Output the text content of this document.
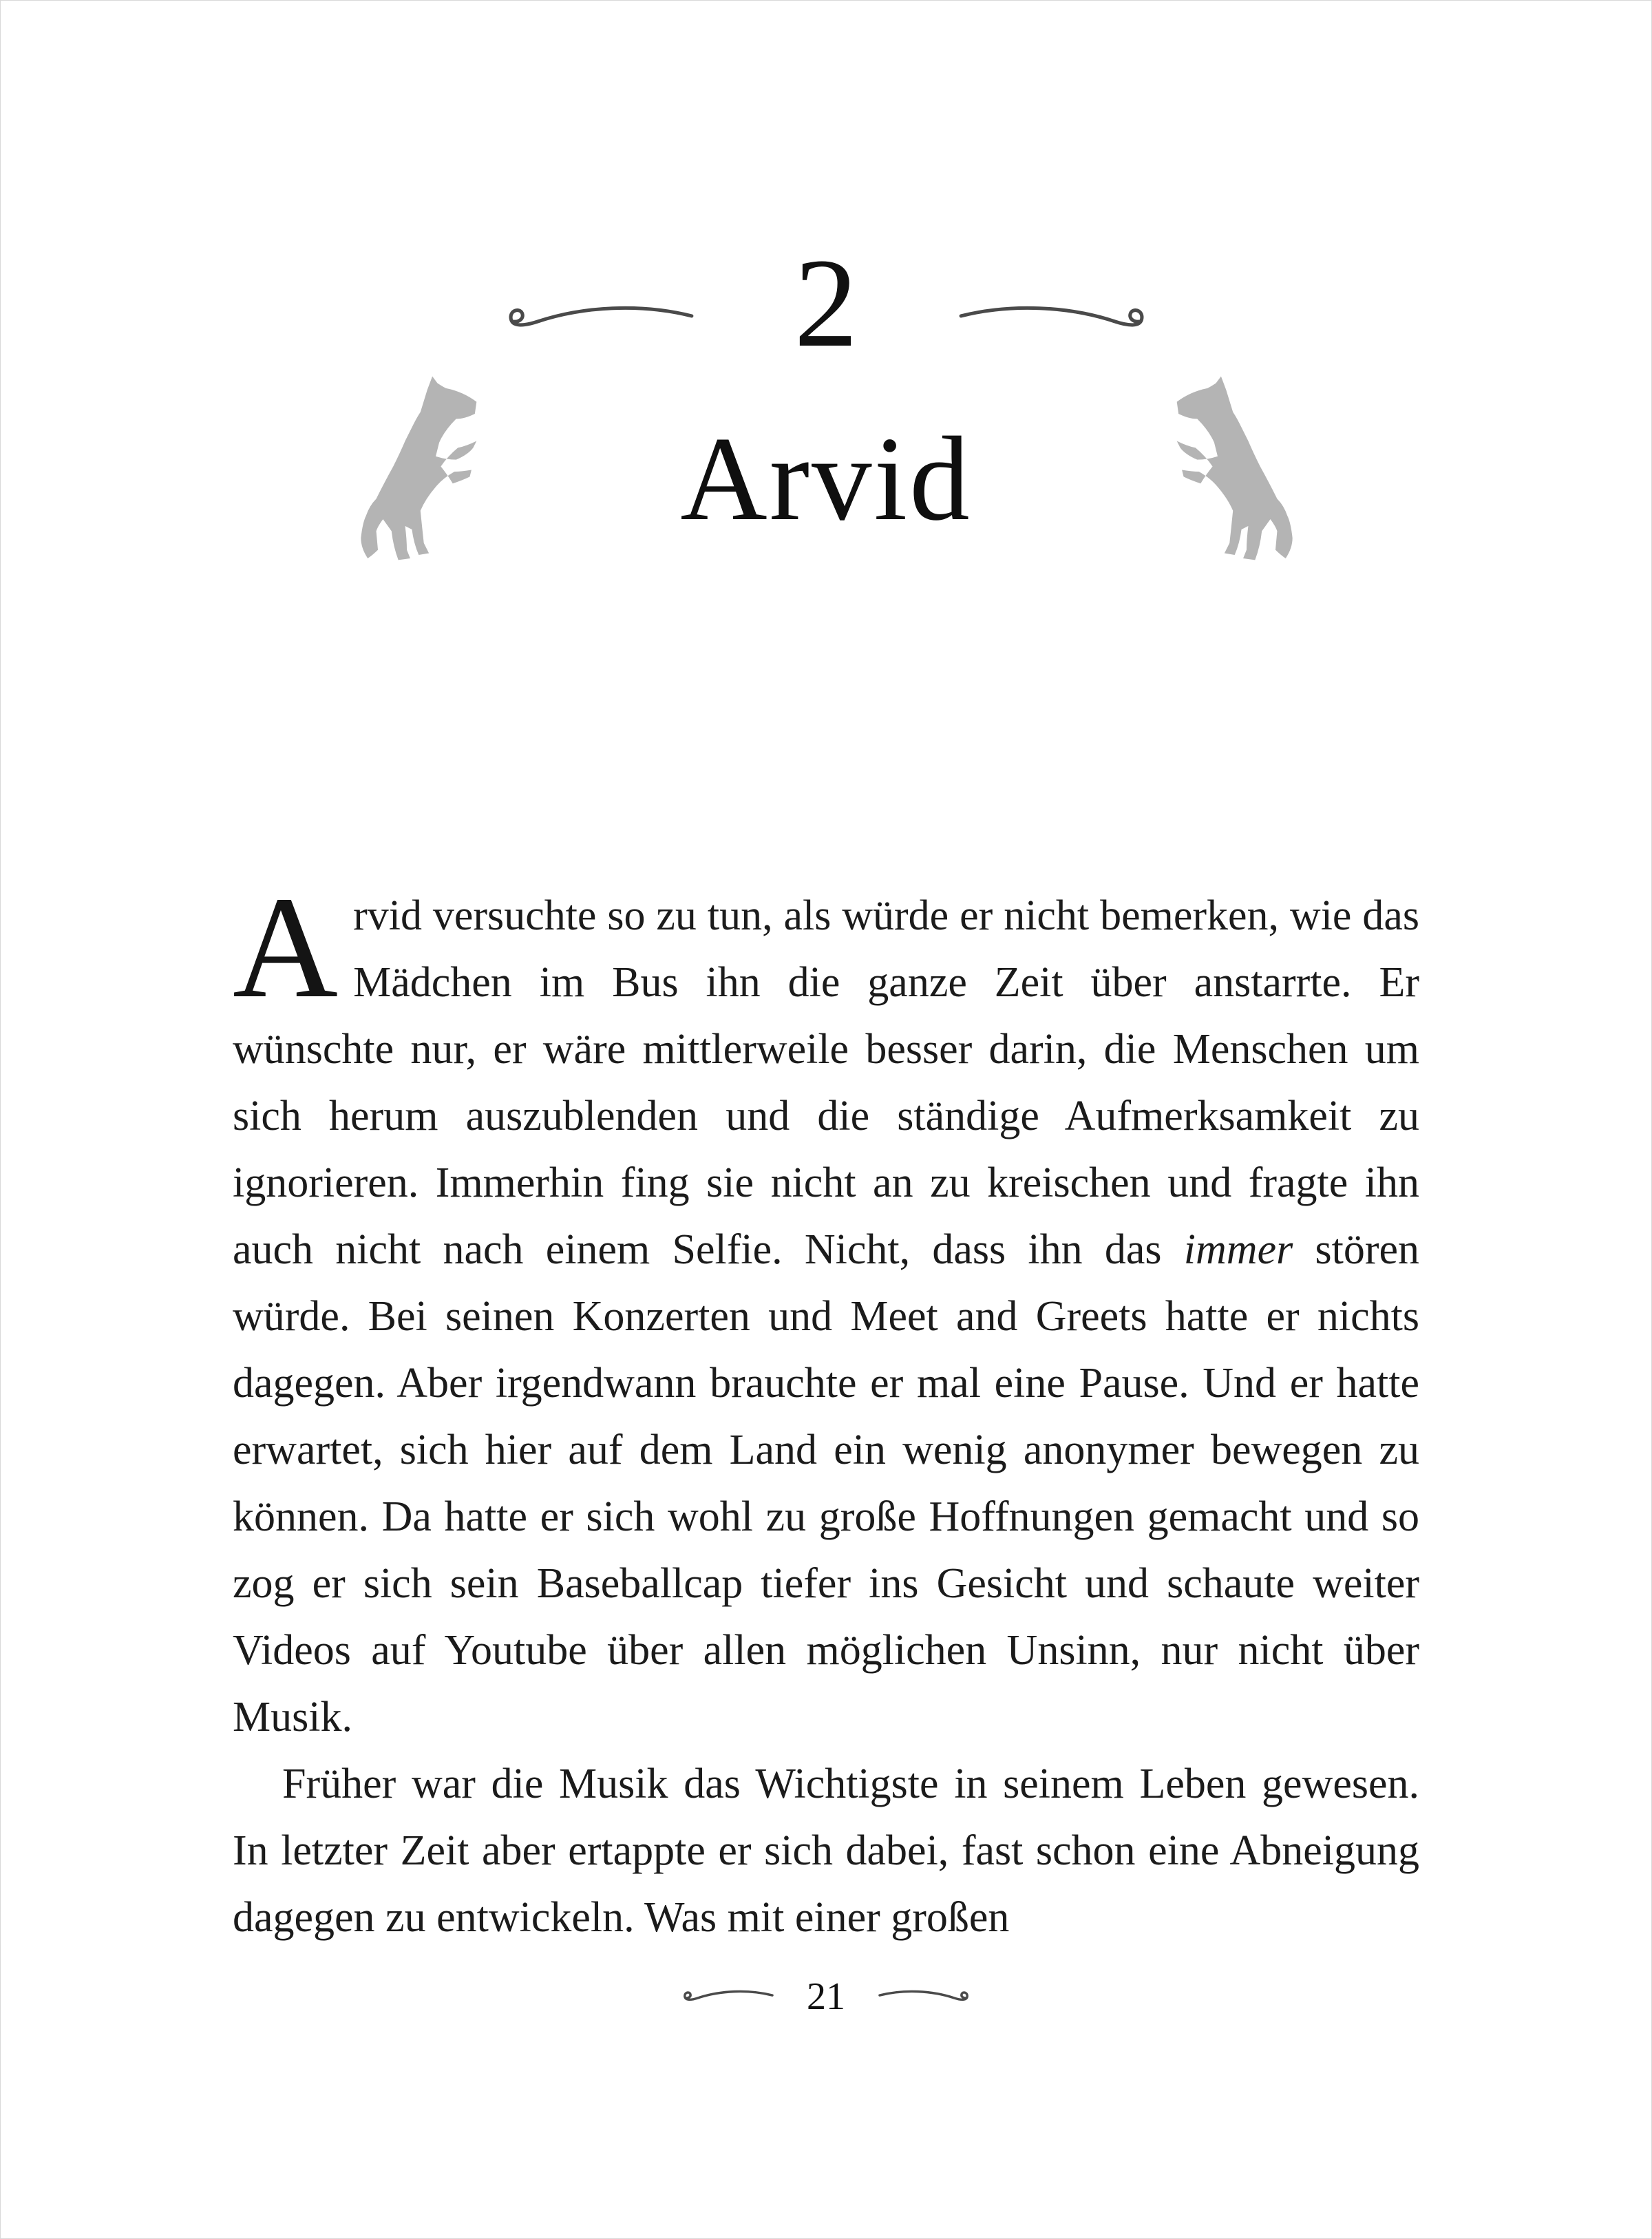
2
Arvid

Arvid versuchte so zu tun, als würde er nicht bemerken, wie das Mädchen im Bus ihn die ganze Zeit über anstarrte. Er wünschte nur, er wäre mittlerweile besser darin, die Menschen um sich herum auszublenden und die ständige Aufmerksamkeit zu ignorieren. Immerhin fing sie nicht an zu kreischen und fragte ihn auch nicht nach einem Selfie. Nicht, dass ihn das immer stören würde. Bei seinen Konzerten und Meet and Greets hatte er nichts dagegen. Aber irgendwann brauchte er mal eine Pause. Und er hatte erwartet, sich hier auf dem Land ein wenig anonymer bewegen zu können. Da hatte er sich wohl zu große Hoffnungen gemacht und so zog er sich sein Baseballcap tiefer ins Gesicht und schaute weiter Videos auf Youtube über allen möglichen Unsinn, nur nicht über Musik.

Früher war die Musik das Wichtigste in seinem Leben gewesen. In letzter Zeit aber ertappte er sich dabei, fast schon eine Abneigung dagegen zu entwickeln. Was mit einer großen

21
